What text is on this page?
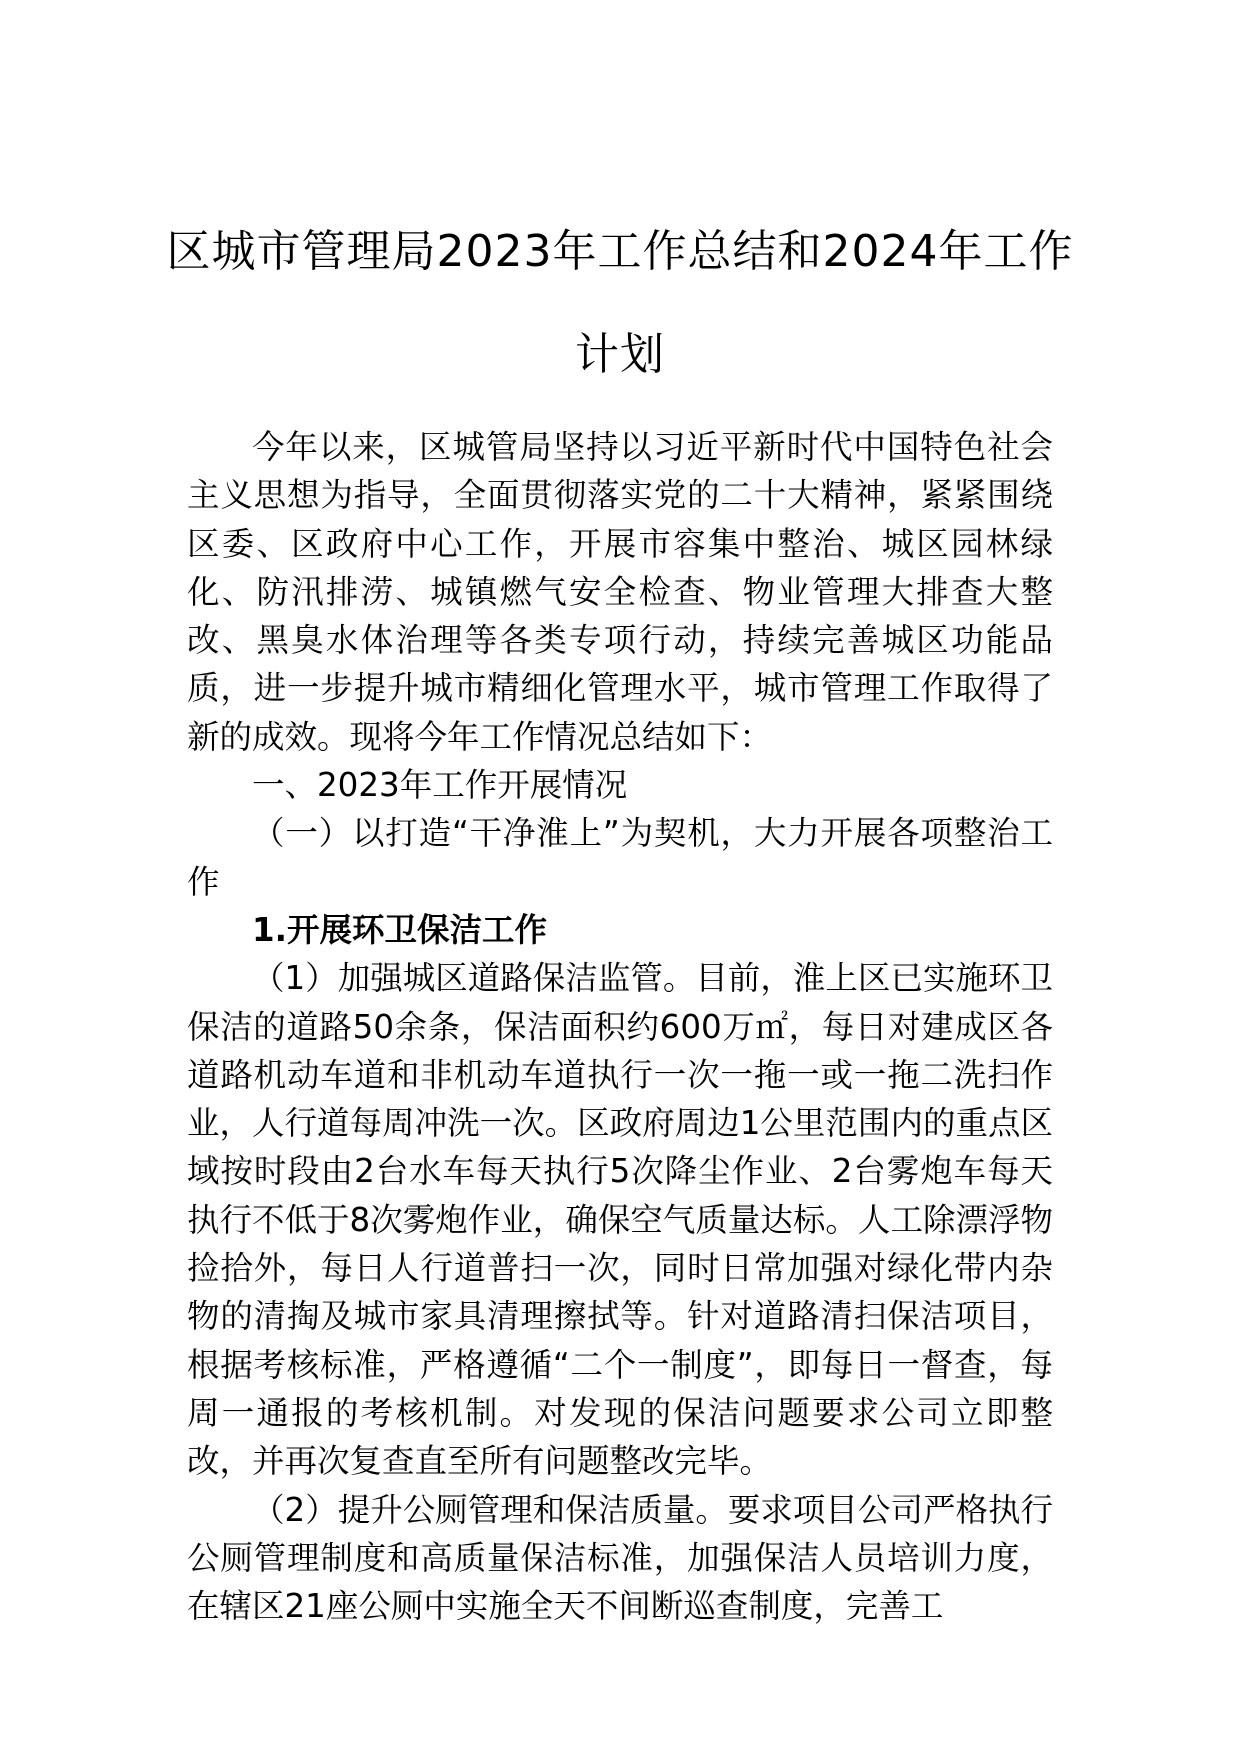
区城市管理局2023年工作总结和2024年工作计划

今年以来，区城管局坚持以习近平新时代中国特色社会主义思想为指导，全面贯彻落实党的二十大精神，紧紧围绕区委、区政府中心工作，开展市容集中整治、城区园林绿化、防汛排涝、城镇燃气安全检查、物业管理大排查大整改、黑臭水体治理等各类专项行动，持续完善城区功能品质，进一步提升城市精细化管理水平，城市管理工作取得了新的成效。现将今年工作情况总结如下：

一、2023年工作开展情况

（一）以打造“干净淮上”为契机，大力开展各项整治工作

1.开展环卫保洁工作

（1）加强城区道路保洁监管。目前，淮上区已实施环卫保洁的道路50余条，保洁面积约600万㎡，每日对建成区各道路机动车道和非机动车道执行一次一拖一或一拖二洗扫作业，人行道每周冲洗一次。区政府周边1公里范围内的重点区域按时段由2台水车每天执行5次降尘作业、2台雾炮车每天执行不低于8次雾炮作业，确保空气质量达标。人工除漂浮物捡拾外，每日人行道普扫一次，同时日常加强对绿化带内杂物的清掏及城市家具清理擦拭等。针对道路清扫保洁项目，根据考核标准，严格遵循“二个一制度”，即每日一督查，每周一通报的考核机制。对发现的保洁问题要求公司立即整改，并再次复查直至所有问题整改完毕。

（2）提升公厕管理和保洁质量。要求项目公司严格执行公厕管理制度和高质量保洁标准，加强保洁人员培训力度，在辖区21座公厕中实施全天不间断巡查制度，完善工
